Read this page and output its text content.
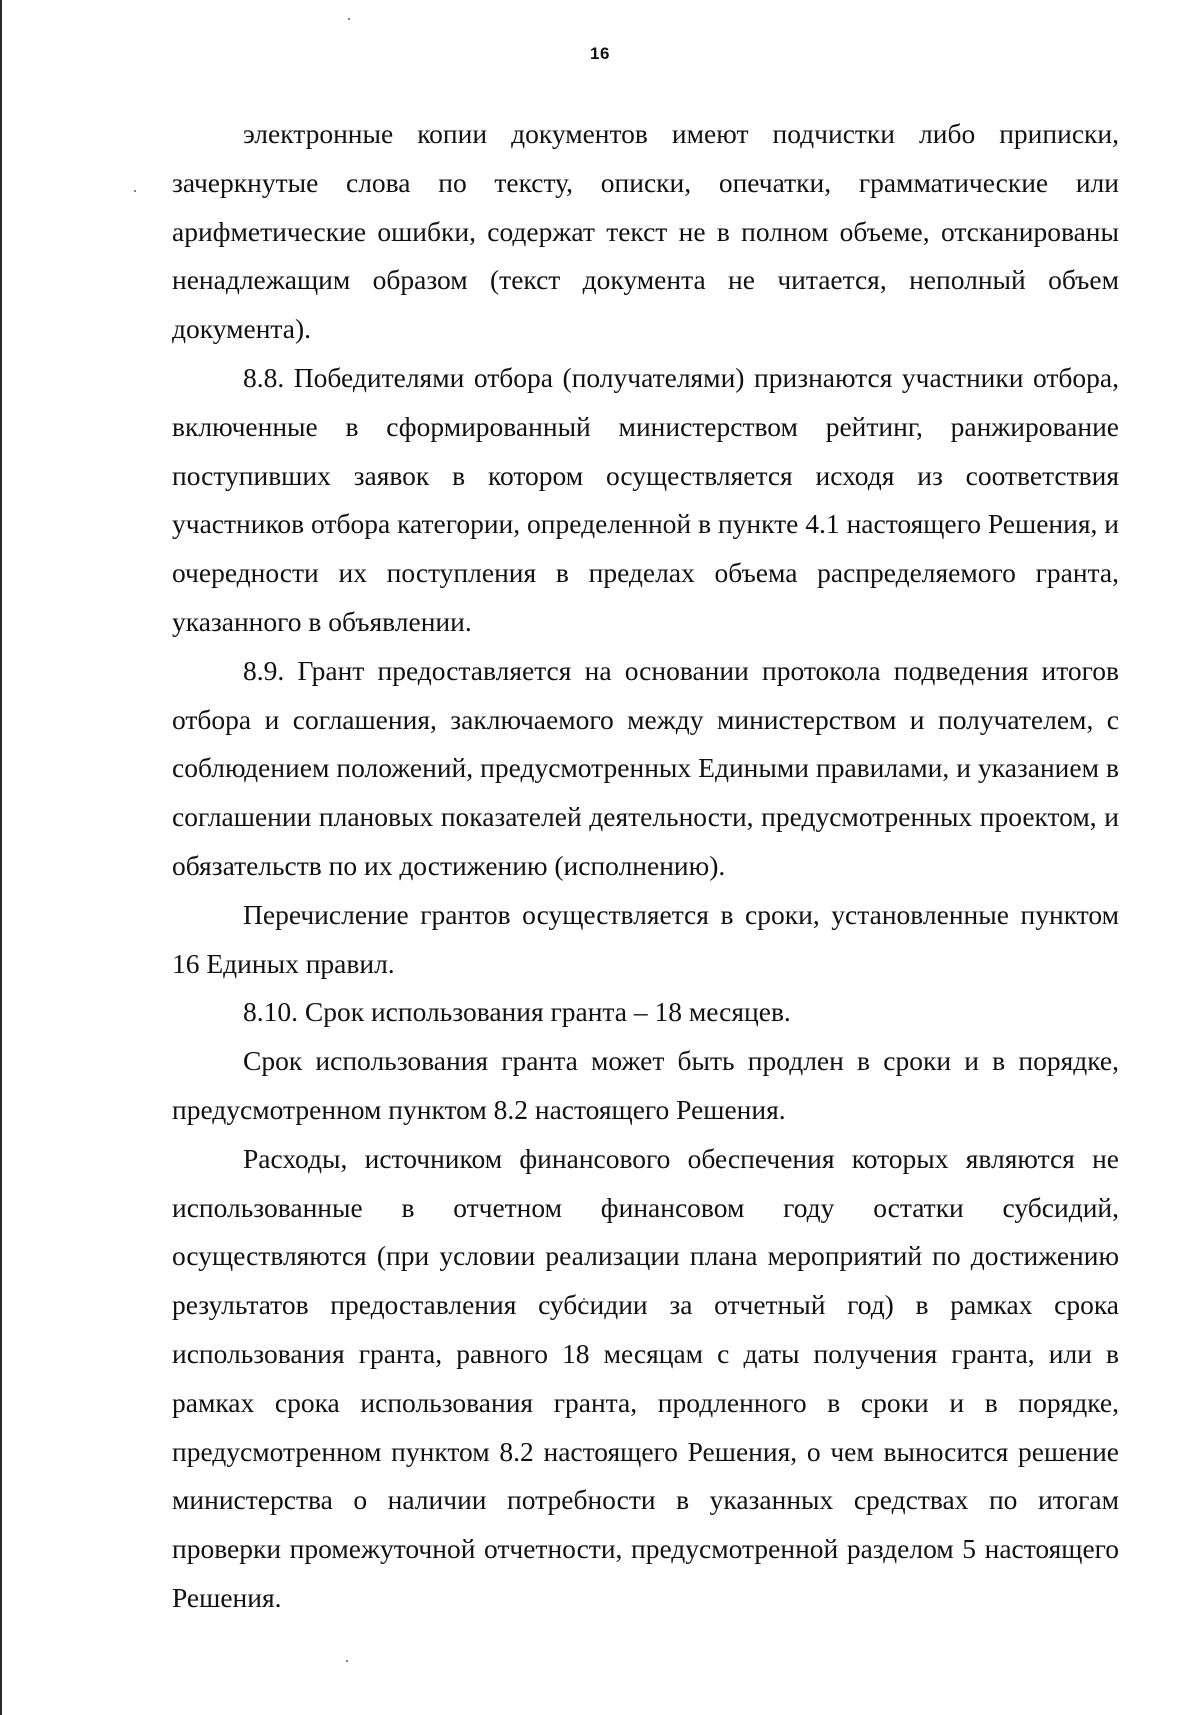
16

электронные копии документов имеют подчистки либо приписки, зачеркнутые слова по тексту, описки, опечатки, грамматические или арифметические ошибки, содержат текст не в полном объеме, отсканированы ненадлежащим образом (текст документа не читается, неполный объем документа).

8.8. Победителями отбора (получателями) признаются участники отбора, включенные в сформированный министерством рейтинг, ранжирование поступивших заявок в котором осуществляется исходя из соответствия участников отбора категории, определенной в пункте 4.1 настоящего Решения, и очередности их поступления в пределах объема распределяемого гранта, указанного в объявлении.

8.9. Грант предоставляется на основании протокола подведения итогов отбора и соглашения, заключаемого между министерством и получателем, с соблюдением положений, предусмотренных Едиными правилами, и указанием в соглашении плановых показателей деятельности, предусмотренных проектом, и обязательств по их достижению (исполнению).

Перечисление грантов осуществляется в сроки, установленные пунктом 16 Единых правил.

8.10. Срок использования гранта – 18 месяцев.

Срок использования гранта может быть продлен в сроки и в порядке, предусмотренном пунктом 8.2 настоящего Решения.

Расходы, источником финансового обеспечения которых являются не использованные в отчетном финансовом году остатки субсидий, осуществляются (при условии реализации плана мероприятий по достижению результатов предоставления субсидии за отчетный год) в рамках срока использования гранта, равного 18 месяцам с даты получения гранта, или в рамках срока использования гранта, продленного в сроки и в порядке, предусмотренном пунктом 8.2 настоящего Решения, о чем выносится решение министерства о наличии потребности в указанных средствах по итогам проверки промежуточной отчетности, предусмотренной разделом 5 настоящего Решения.
